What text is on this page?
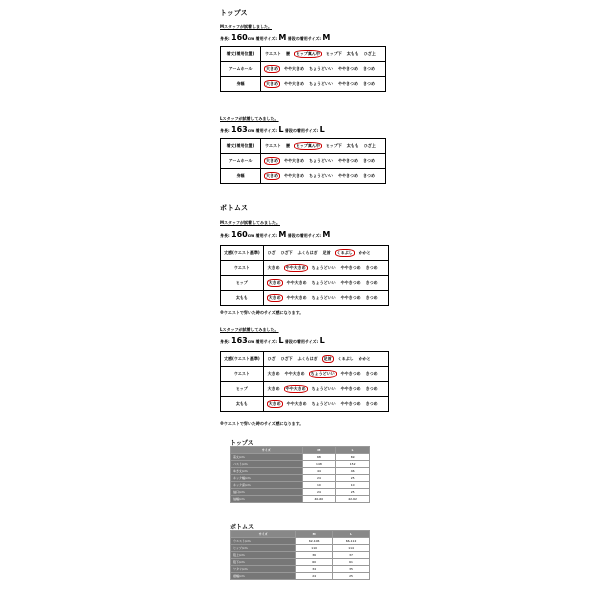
トップス
Mスタッフが試着しました。
身長: 160cm 着用サイズ: M 普段の着用サイズ: M
着丈(着用位置)	ウエスト 腰 ヒップ真ん中 ヒップ下 太もも ひざ上
アームホール	大きめ やや大きめ ちょうどいい ややきつめ きつめ
身幅	大きめ やや大きめ ちょうどいい ややきつめ きつめ
Lスタッフが試着してみました。
身長: 163cm 着用サイズ: L 普段の着用サイズ: L
着丈(着用位置)	ウエスト 腰 ヒップ真ん中 ヒップ下 太もも ひざ上
アームホール	大きめ やや大きめ ちょうどいい ややきつめ きつめ
身幅	大きめ やや大きめ ちょうどいい ややきつめ きつめ
ボトムス
Mスタッフが試着してみました。
身長: 160cm 着用サイズ: M 普段の着用サイズ: M
丈感(ウエスト基準)	ひざ ひざ下 ふくらはぎ 足首 くるぶし かかと
ウエスト	大きめ やや大きめ ちょうどいい ややきつめ きつめ
ヒップ	大きめ やや大きめ ちょうどいい ややきつめ きつめ
太もも	大きめ やや大きめ ちょうどいい ややきつめ きつめ
※ウエストで穿いた時のサイズ感になります。
Lスタッフが試着してみました。
身長: 163cm 着用サイズ: L 普段の着用サイズ: L
丈感(ウエスト基準)	ひざ ひざ下 ふくらはぎ 足首 くるぶし かかと
ウエスト	大きめ やや大きめ ちょうどいい ややきつめ きつめ
ヒップ	大きめ やや大きめ ちょうどいい ややきつめ きつめ
太もも	大きめ やや大きめ ちょうどいい ややきつめ きつめ
※ウエストで穿いた時のサイズ感になります。
トップス
サイズ	M	L
着丈/cm	68	69
バスト/cm	148	152
ゆき丈/cm	44	46
ネック幅/cm	24	25
ネック深/cm	10	10
袖口/cm	24	25
袖幅/cm	40-60	42-62
ボトムス
サイズ	M	L
ウエスト/cm	62-106	66-112
ヒップ/cm	110	114
股上/cm	36	37
股下/cm	60	61
ワタリ/cm	34	35
裾幅/cm	24	25
